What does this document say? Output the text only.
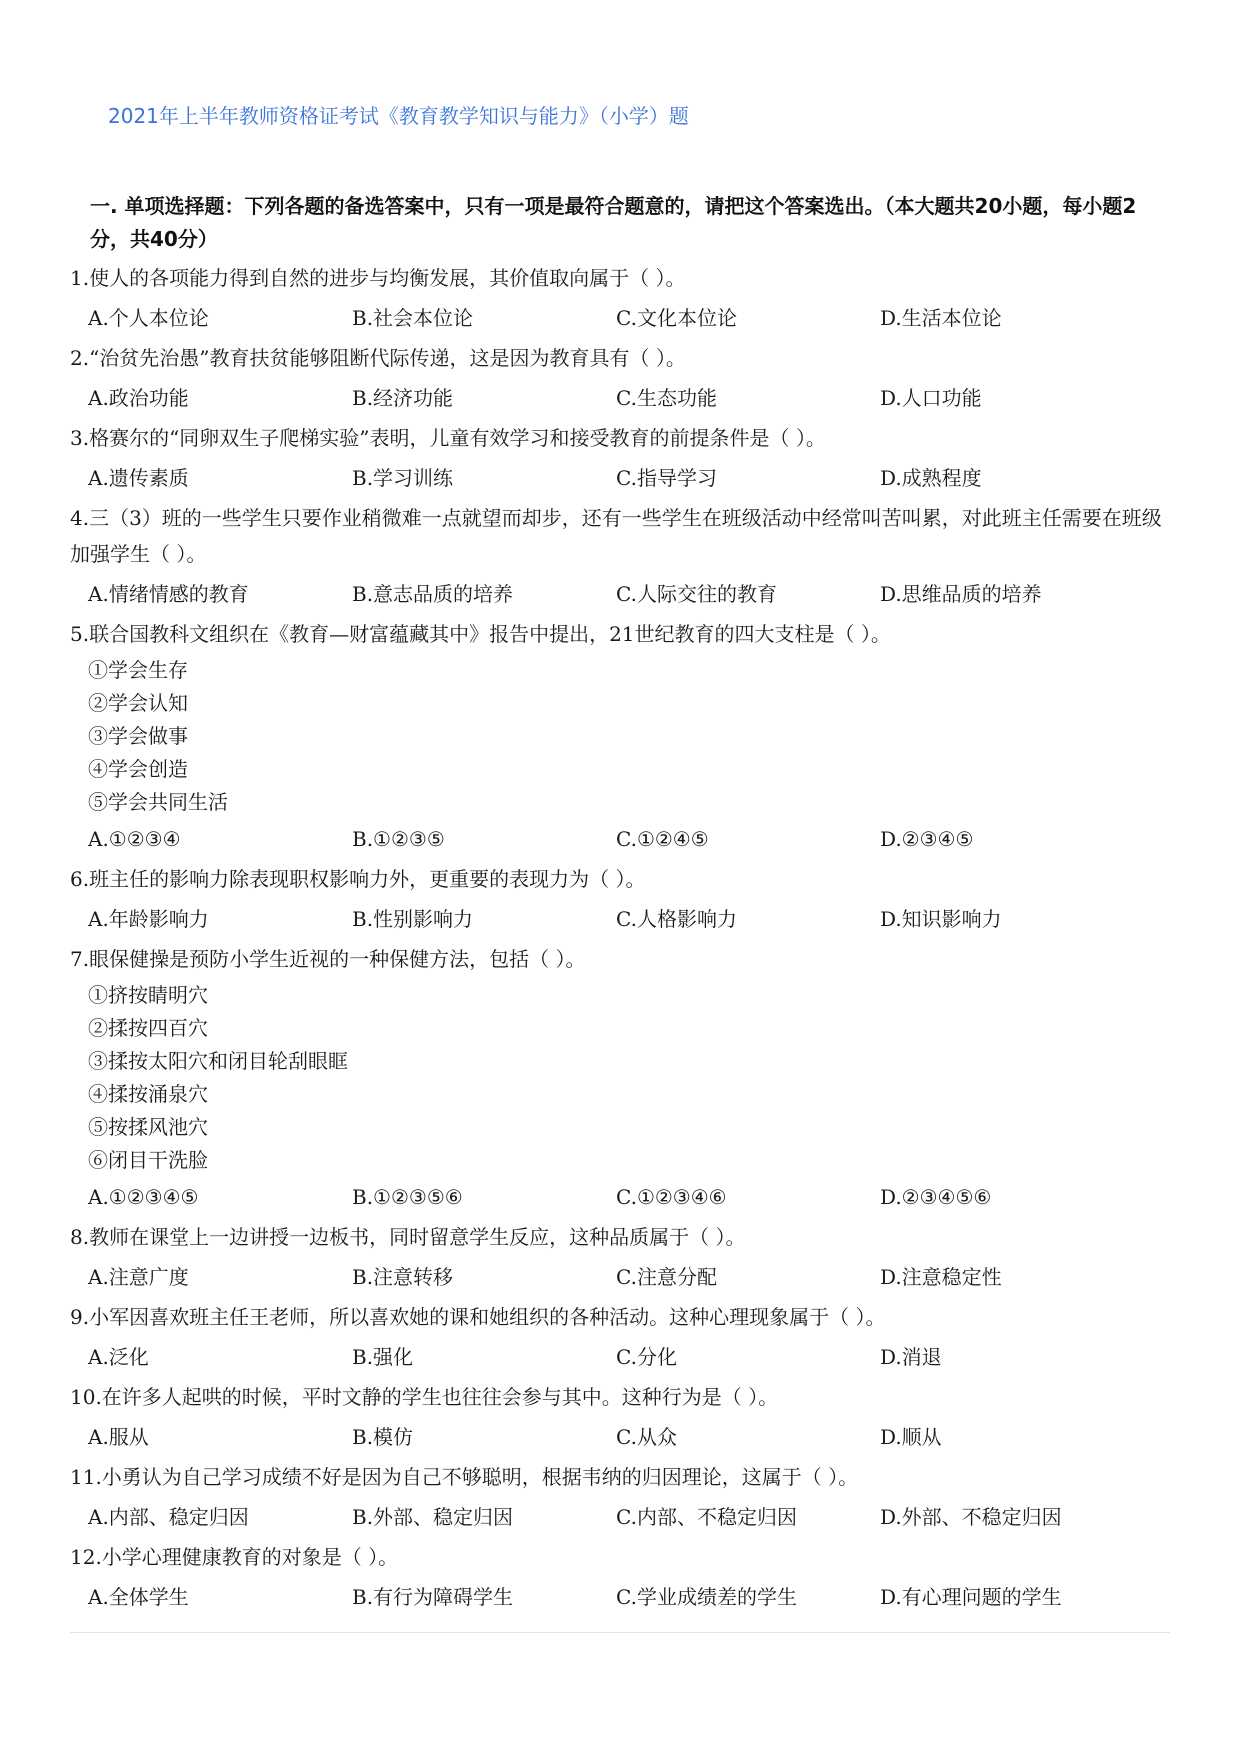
2021年上半年教师资格证考试《教育教学知识与能力》（小学）题
一. 单项选择题：下列各题的备选答案中，只有一项是最符合题意的，请把这个答案选出。（本大题共20小题，每小题2分，共40分）
1.使人的各项能力得到自然的进步与均衡发展，其价值取向属于（ ）。
A.个人本位论	B.社会本位论	C.文化本位论	D.生活本位论
2.“治贫先治愚”教育扶贫能够阻断代际传递，这是因为教育具有（ ）。
A.政治功能	B.经济功能	C.生态功能	D.人口功能
3.格赛尔的“同卵双生子爬梯实验”表明，儿童有效学习和接受教育的前提条件是（ ）。
A.遗传素质	B.学习训练	C.指导学习	D.成熟程度
4.三（3）班的一些学生只要作业稍微难一点就望而却步，还有一些学生在班级活动中经常叫苦叫累，对此班主任需要在班级加强学生（ ）。
A.情绪情感的教育	B.意志品质的培养	C.人际交往的教育	D.思维品质的培养
5.联合国教科文组织在《教育—财富蕴藏其中》报告中提出，21世纪教育的四大支柱是（ ）。
①学会生存
②学会认知
③学会做事
④学会创造
⑤学会共同生活
A.①②③④	B.①②③⑤	C.①②④⑤	D.②③④⑤
6.班主任的影响力除表现职权影响力外，更重要的表现力为（ ）。
A.年龄影响力	B.性别影响力	C.人格影响力	D.知识影响力
7.眼保健操是预防小学生近视的一种保健方法，包括（ ）。
①挤按睛明穴
②揉按四百穴
③揉按太阳穴和闭目轮刮眼眶
④揉按涌泉穴
⑤按揉风池穴
⑥闭目干洗脸
A.①②③④⑤	B.①②③⑤⑥	C.①②③④⑥	D.②③④⑤⑥
8.教师在课堂上一边讲授一边板书，同时留意学生反应，这种品质属于（ ）。
A.注意广度	B.注意转移	C.注意分配	D.注意稳定性
9.小军因喜欢班主任王老师，所以喜欢她的课和她组织的各种活动。这种心理现象属于（ ）。
A.泛化	B.强化	C.分化	D.消退
10.在许多人起哄的时候，平时文静的学生也往往会参与其中。这种行为是（ ）。
A.服从	B.模仿	C.从众	D.顺从
11.小勇认为自己学习成绩不好是因为自己不够聪明，根据韦纳的归因理论，这属于（ ）。
A.内部、稳定归因	B.外部、稳定归因	C.内部、不稳定归因	D.外部、不稳定归因
12.小学心理健康教育的对象是（ ）。
A.全体学生	B.有行为障碍学生	C.学业成绩差的学生	D.有心理问题的学生
